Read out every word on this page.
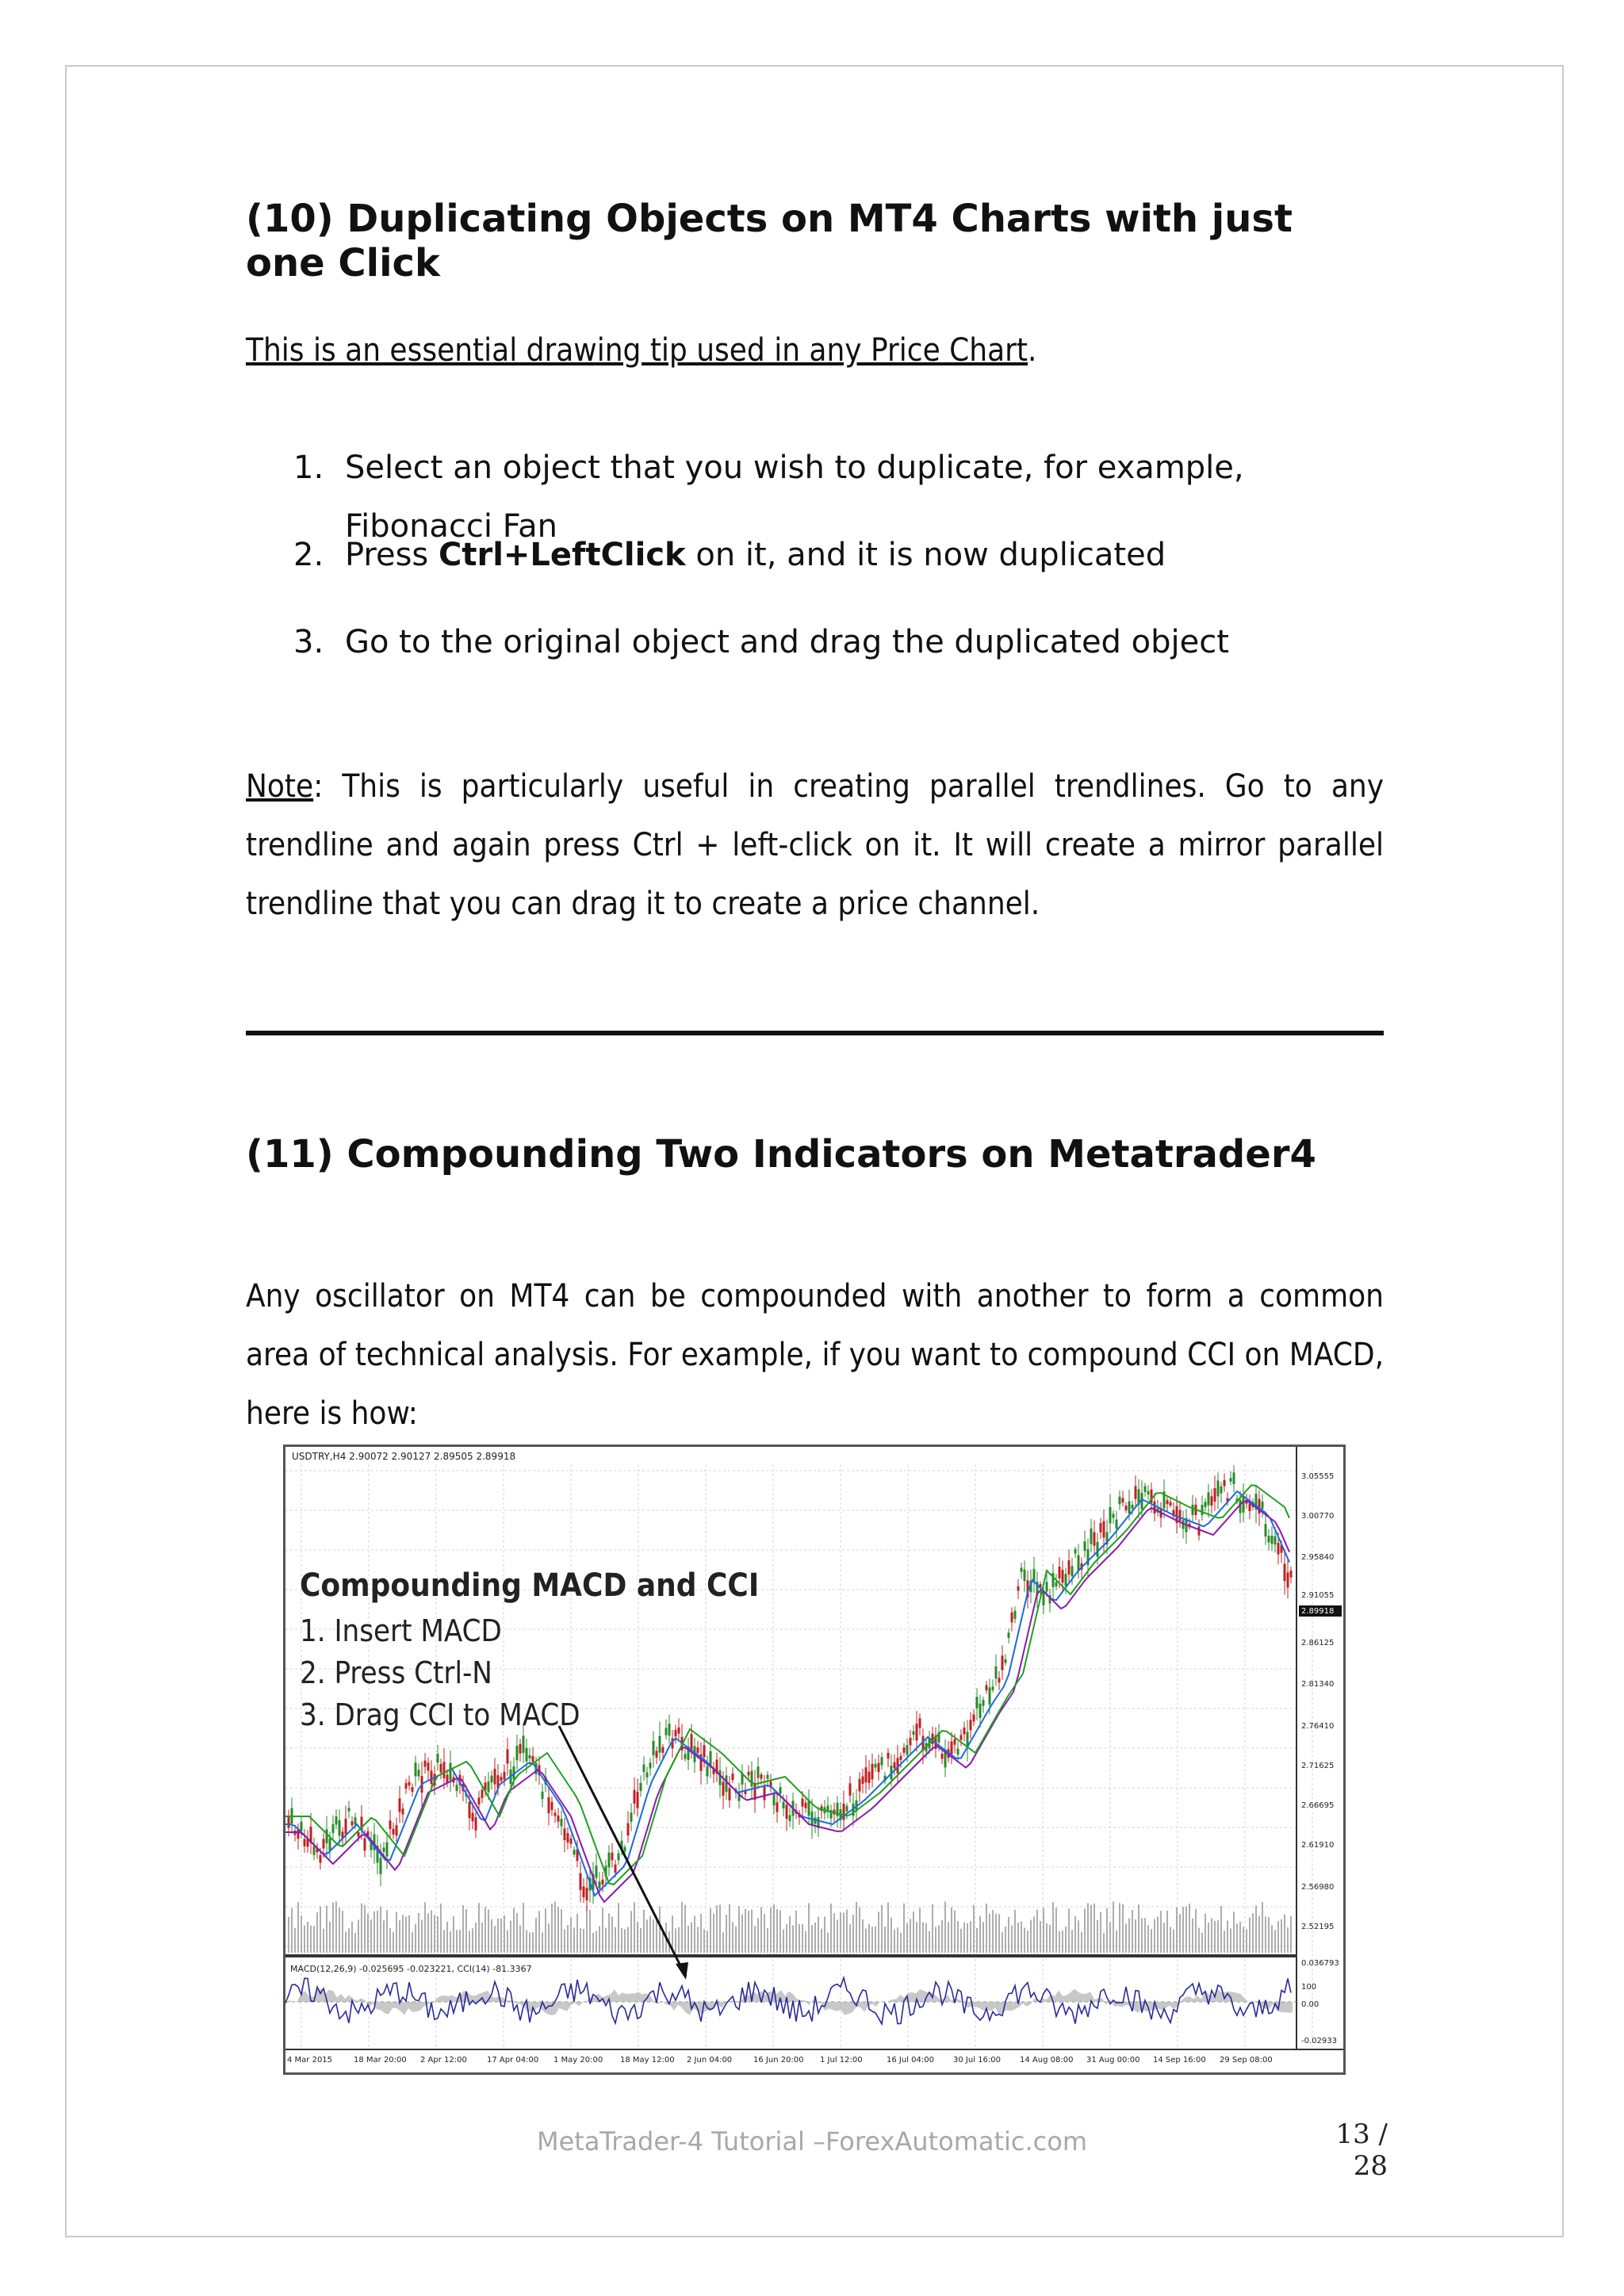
(10) Duplicating Objects on MT4 Charts with just one Click
This is an essential drawing tip used in any Price Chart.
1. Select an object that you wish to duplicate, for example, Fibonacci Fan
2. Press Ctrl+LeftClick on it, and it is now duplicated
3. Go to the original object and drag the duplicated object
Note: This is particularly useful in creating parallel trendlines. Go to any trendline and again press Ctrl + left-click on it. It will create a mirror parallel trendline that you can drag it to create a price channel.
(11) Compounding Two Indicators on Metatrader4
Any oscillator on MT4 can be compounded with another to form a common area of technical analysis. For example, if you want to compound CCI on MACD, here is how:
3.05555
3.00770
2.95840
2.91055
2.89918
2.86125
2.81340
2.76410
2.71625
2.66695
2.61910
2.56980
2.52195
0.036793
100
0.00
-0.02933
4 Mar 2015	18 Mar 20:00 2 Apr 12:00	17 Apr 04:00 1 May 20:00 18 May 12:00 2 Jun 04:00	16 Jun 20:00 1 Jul 12:00	16 Jul 04:00 30 Jul 16:00 14 Aug 08:00 31 Aug 00:00 14 Sep 16:00 29 Sep 08:00
USDTRY,H4 2.90072 2.90127 2.89505 2.89918
Compounding MACD and CCI
1. Insert MACD
2. Press Ctrl-N
3. Drag CCI to MACD
MACD(12,26,9) -0.025695 -0.023221, CCI(14) -81.3367
MetaTrader-4 Tutorial –ForexAutomatic.com	13 / 28
